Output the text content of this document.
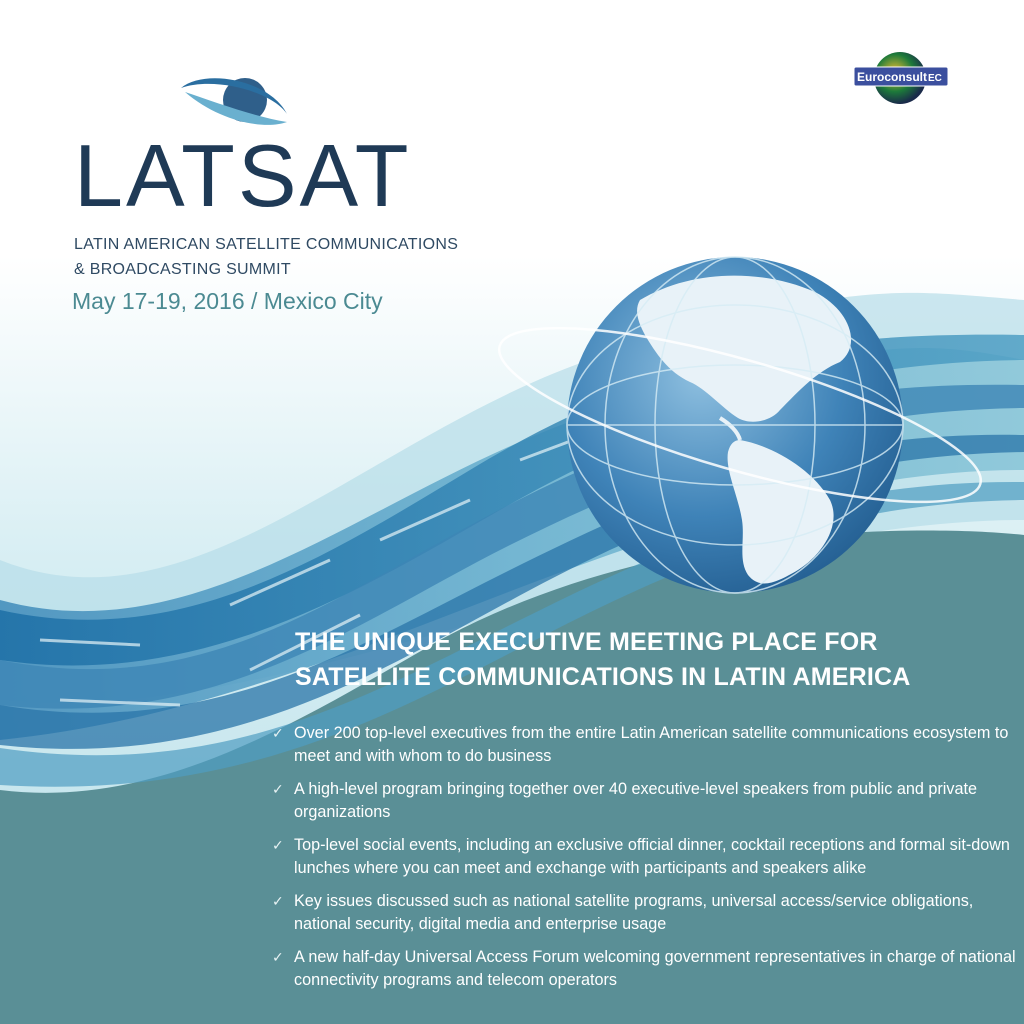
LATSAT
LATIN AMERICAN SATELLITE COMMUNICATIONS
& BROADCASTING SUMMIT
May 17-19, 2016 / Mexico City
Euroconsult EC
THE UNIQUE EXECUTIVE MEETING PLACE FOR
SATELLITE COMMUNICATIONS IN LATIN AMERICA
✓ Over 200 top-level executives from the entire Latin American satellite communications ecosystem to meet and with whom to do business
✓ A high-level program bringing together over 40 executive-level speakers from public and private organizations
✓ Top-level social events, including an exclusive official dinner, cocktail receptions and formal sit-down lunches where you can meet and exchange with participants and speakers alike
✓ Key issues discussed such as national satellite programs, universal access/service obligations, national security, digital media and enterprise usage
✓ A new half-day Universal Access Forum welcoming government representatives in charge of national connectivity programs and telecom operators
